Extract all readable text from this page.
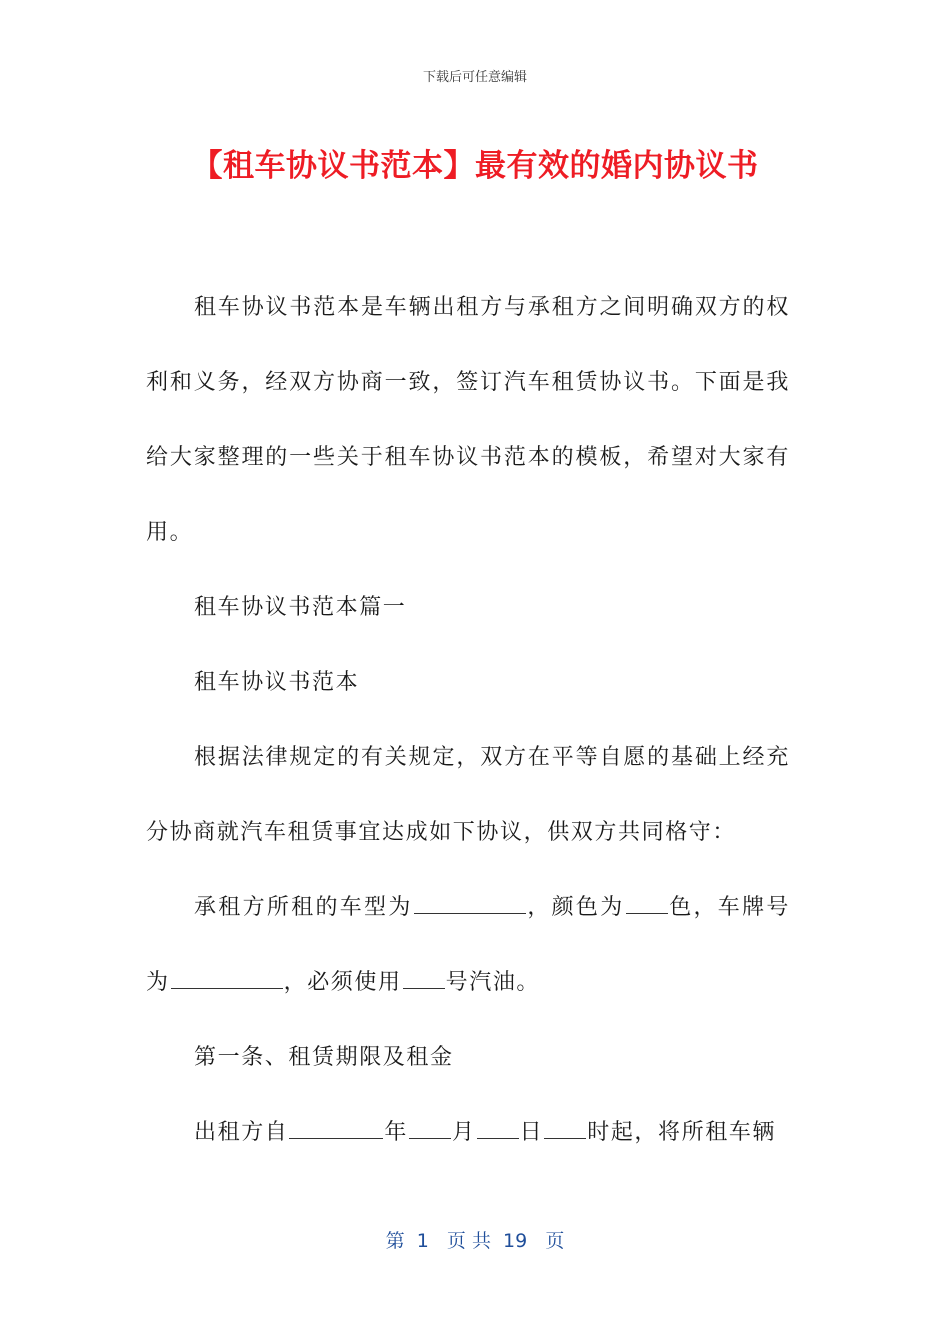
下载后可任意编辑
【租车协议书范本】最有效的婚内协议书

租车协议书范本是车辆出租方与承租方之间明确双方的权利和义务，经双方协商一致，签订汽车租赁协议书。下面是我给大家整理的一些关于租车协议书范本的模板，希望对大家有用。

租车协议书范本篇一

租车协议书范本

根据法律规定的有关规定，双方在平等自愿的基础上经充分协商就汽车租赁事宜达成如下协议，供双方共同格守：

承租方所租的车型为	，颜色为 色，车牌号为	，必须使用 号汽油。

第一条、租赁期限及租金

出租方自	年 月 日 时起，将所租车辆

第  1   页 共  19   页
